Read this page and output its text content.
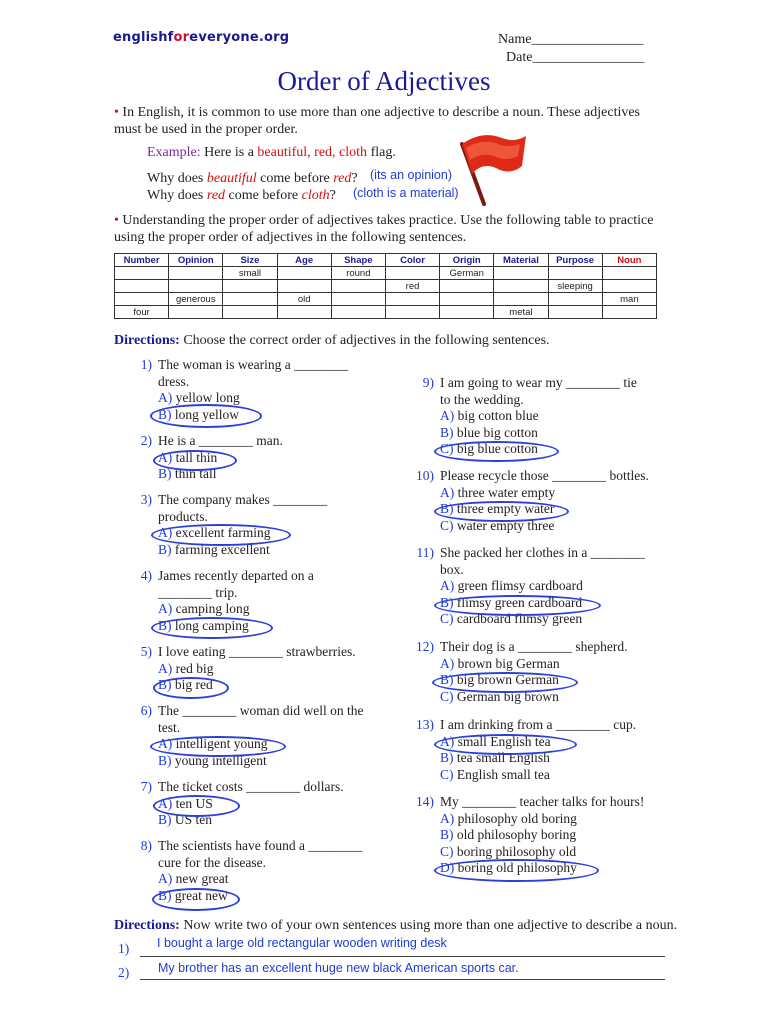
englishforeveryone.org	Name________________
Date________________
Order of Adjectives
• In English, it is common to use more than one adjective to describe a noun. These adjectives must be used in the proper order.
Example: Here is a beautiful, red, cloth flag.
Why does beautiful come before red? (its an opinion)
Why does red come before cloth? (cloth is a material)
• Understanding the proper order of adjectives takes practice. Use the following table to practice using the proper order of adjectives in the following sentences.
Number	Opinion	Size	Age	Shape	Color	Origin	Material	Purpose	Noun
		small		round		German			
					red			sleeping	
	generous		old						man
four							metal		
Directions: Choose the correct order of adjectives in the following sentences.
1) The woman is wearing a ________
dress.
A) yellow long
B) long yellow
2) He is a ________ man.
A) tall thin
B) thin tall
3) The company makes ________
products.
A) excellent farming
B) farming excellent
4) James recently departed on a
________ trip.
A) camping long
B) long camping
5) I love eating ________ strawberries.
A) red big
B) big red
6) The ________ woman did well on the
test.
A) intelligent young
B) young intelligent
7) The ticket costs ________ dollars.
A) ten US
B) US ten
8) The scientists have found a ________
cure for the disease.
A) new great
B) great new
9) I am going to wear my ________ tie
to the wedding.
A) big cotton blue
B) blue big cotton
C) big blue cotton
10) Please recycle those ________ bottles.
A) three water empty
B) three empty water
C) water empty three
11) She packed her clothes in a ________
box.
A) green flimsy cardboard
B) flimsy green cardboard
C) cardboard flimsy green
12) Their dog is a ________ shepherd.
A) brown big German
B) big brown German
C) German big brown
13) I am drinking from a ________ cup.
A) small English tea
B) tea small English
C) English small tea
14) My ________ teacher talks for hours!
A) philosophy old boring
B) old philosophy boring
C) boring philosophy old
D) boring old philosophy
Directions: Now write two of your own sentences using more than one adjective to describe a noun.
1) I bought a large old rectangular wooden writing desk
2) My brother has an excellent huge new black American sports car.
